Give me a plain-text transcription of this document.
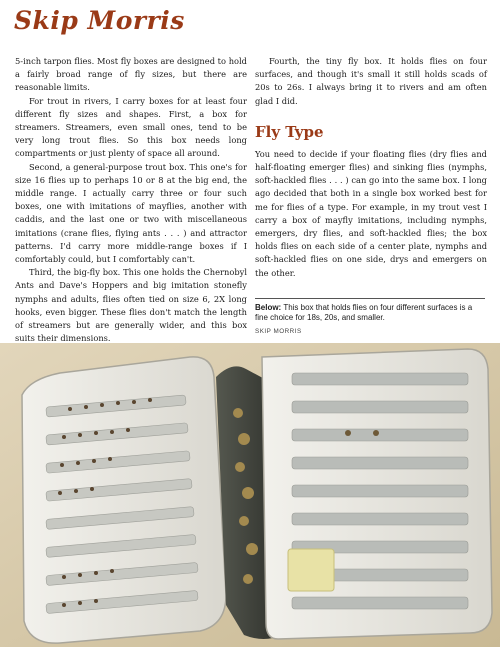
Skip Morris

5-inch tarpon flies. Most fly boxes are designed to hold a fairly broad range of fly sizes, but there are reasonable limits.

For trout in rivers, I carry boxes for at least four different fly sizes and shapes. First, a box for streamers. Streamers, even small ones, tend to be very long trout flies. So this box needs long compartments or just plenty of space all around.

Second, a general-purpose trout box. This one's for size 16 flies up to perhaps 10 or 8 at the big end, the middle range. I actually carry three or four such boxes, one with imitations of mayflies, another with caddis, and the last one or two with miscellaneous imitations (crane flies, flying ants . . . ) and attractor patterns. I'd carry more middle-range boxes if I comfortably could, but I comfortably can't.

Third, the big-fly box. This one holds the Chernobyl Ants and Dave's Hoppers and big imitation stonefly nymphs and adults, flies often tied on size 6, 2X long hooks, even bigger. These flies don't match the length of streamers but are generally wider, and this box suits their dimensions.

Fourth, the tiny fly box. It holds flies on four surfaces, and though it's small it still holds scads of 20s to 26s. I always bring it to rivers and am often glad I did.

Fly Type

You need to decide if your floating flies (dry flies and half-floating emerger flies) and sinking flies (nymphs, soft-hackled flies . . . ) can go into the same box. I long ago decided that both in a single box worked best for me for flies of a type. For example, in my trout vest I carry a box of mayfly imitations, including nymphs, emergers, dry flies, and soft-hackled flies; the box holds flies on each side of a center plate, nymphs and soft-hackled flies on one side, drys and emergers on the other.

Below: This box that holds flies on four different surfaces is a fine choice for 18s, 20s, and smaller.
SKIP MORRIS
